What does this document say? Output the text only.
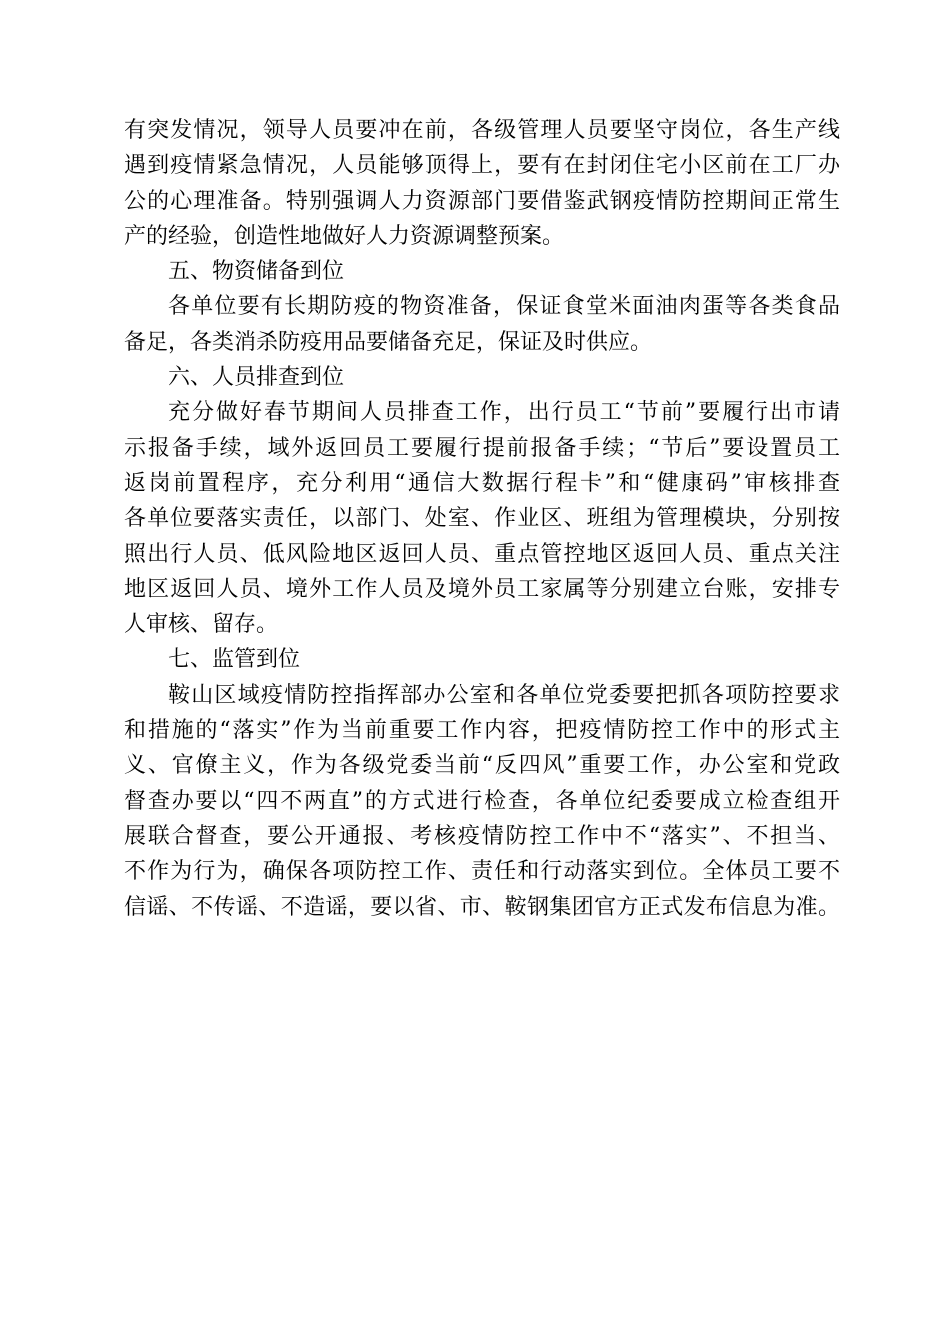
有突发情况，领导人员要冲在前，各级管理人员要坚守岗位，各生产线
遇到疫情紧急情况，人员能够顶得上，要有在封闭住宅小区前在工厂办
公的心理准备。特别强调人力资源部门要借鉴武钢疫情防控期间正常生
产的经验，创造性地做好人力资源调整预案。
五、物资储备到位
各单位要有长期防疫的物资准备，保证食堂米面油肉蛋等各类食品
备足，各类消杀防疫用品要储备充足，保证及时供应。
六、人员排查到位
充分做好春节期间人员排查工作，出行员工“节前”要履行出市请
示报备手续，域外返回员工要履行提前报备手续；“节后”要设置员工
返岗前置程序，充分利用“通信大数据行程卡”和“健康码”审核排查
各单位要落实责任，以部门、处室、作业区、班组为管理模块，分别按
照出行人员、低风险地区返回人员、重点管控地区返回人员、重点关注
地区返回人员、境外工作人员及境外员工家属等分别建立台账，安排专
人审核、留存。
七、监管到位
鞍山区域疫情防控指挥部办公室和各单位党委要把抓各项防控要求
和措施的“落实”作为当前重要工作内容，把疫情防控工作中的形式主
义、官僚主义，作为各级党委当前“反四风”重要工作，办公室和党政
督查办要以“四不两直”的方式进行检查，各单位纪委要成立检查组开
展联合督查，要公开通报、考核疫情防控工作中不“落实”、不担当、
不作为行为，确保各项防控工作、责任和行动落实到位。全体员工要不
信谣、不传谣、不造谣，要以省、市、鞍钢集团官方正式发布信息为准。
